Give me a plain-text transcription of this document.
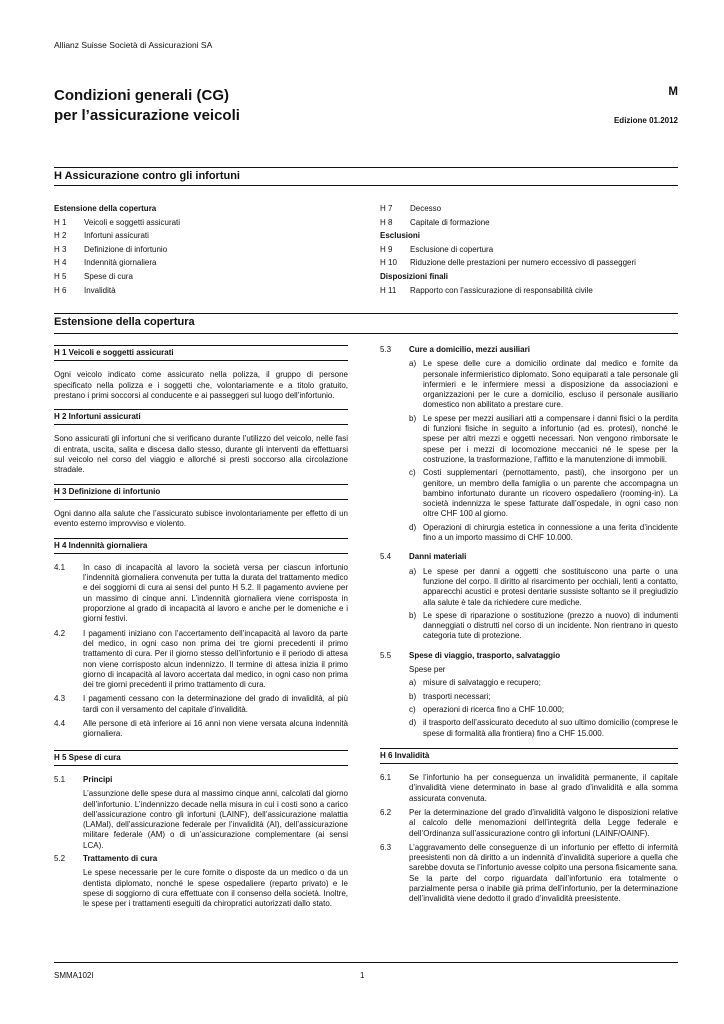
Allianz Suisse Società di Assicurazioni SA
Condizioni generali (CG)
per l’assicurazione veicoli
M
Edizione 01.2012
H Assicurazione contro gli infortuni
Estensione della copertura
H 1	Veicoli e soggetti assicurati
H 2	Infortuni assicurati
H 3	Definizione di infortunio
H 4	Indennità giornaliera
H 5	Spese di cura
H 6	Invalidità
H 7	Decesso
H 8	Capitale di formazione
Esclusioni
H 9	Esclusione di copertura
H 10	Riduzione delle prestazioni per numero eccessivo di passeggeri
Disposizioni finali
H 11	Rapporto con l’assicurazione di responsabilità civile
Estensione della copertura
H 1 Veicoli e soggetti assicurati
Ogni veicolo indicato come assicurato nella polizza, il gruppo di persone specificato nella polizza e i soggetti che, volontariamente e a titolo gratuito, prestano i primi soccorsi al conducente e ai passeggeri sul luogo dell’infortunio.
H 2 Infortuni assicurati
Sono assicurati gli infortuni che si verificano durante l’utilizzo del veicolo, nelle fasi di entrata, uscita, salita e discesa dallo stesso, durante gli interventi da effettuarsi sul veicolo nel corso del viaggio e allorché si presti soccorso alla circolazione stradale.
H 3 Definizione di infortunio
Ogni danno alla salute che l’assicurato subisce involontariamente per effetto di un evento esterno improvviso e violento.
H 4 Indennità giornaliera
4.1	In caso di incapacità al lavoro la società versa per ciascun infortunio l’indennità giornaliera convenuta per tutta la durata del trattamento medico e dei soggiorni di cura ai sensi del punto H 5.2. Il pagamento avviene per un massimo di cinque anni. L’indennità giornaliera viene corrisposta in proporzione al grado di incapacità al lavoro e anche per le domeniche e i giorni festivi.
4.2	I pagamenti iniziano con l’accertamento dell’incapacità al lavoro da parte del medico, in ogni caso non prima dei tre giorni precedenti il primo trattamento di cura. Per il giorno stesso dell’infortunio e il periodo di attesa non viene corrisposto alcun indennizzo. Il termine di attesa inizia il primo giorno di incapacità al lavoro accertata dal medico, in ogni caso non prima dei tre giorni precedenti il primo trattamento di cura.
4.3	I pagamenti cessano con la determinazione del grado di invalidità, al più tardi con il versamento del capitale d’invalidità.
4.4	Alle persone di età inferiore ai 16 anni non viene versata alcuna indennità giornaliera.
H 5 Spese di cura
5.1	Principi
L’assunzione delle spese dura al massimo cinque anni, calcolati dal giorno dell’infortunio. L’indennizzo decade nella misura in cui i costi sono a carico dell’assicurazione contro gli infortuni (LAINF), dell’assicurazione malattia (LAMal), dell’assicurazione federale per l’invalidità (AI), dell’assicurazione militare federale (AM) o di un’assicurazione complementare (ai sensi LCA).
5.2	Trattamento di cura
Le spese necessarie per le cure fornite o disposte da un medico o da un dentista diplomato, nonché le spese ospedaliere (reparto privato) e le spese di soggiorno di cura effettuate con il consenso della società. Inoltre, le spese per i trattamenti eseguiti da chiropratici autorizzati dallo stato.
5.3	Cure a domicilio, mezzi ausiliari
a) Le spese delle cure a domicilio ordinate dal medico e fornite da personale infermieristico diplomato. Sono equiparati a tale personale gli infermieri e le infermiere messi a disposizione da associazioni e organizzazioni per le cure a domicilio, escluso il personale ausiliario domestico non abilitato a prestare cure.
b) Le spese per mezzi ausiliari atti a compensare i danni fisici o la perdita di funzioni fisiche in seguito a infortunio (ad es. protesi), nonché le spese per altri mezzi e oggetti necessari. Non vengono rimborsate le spese per i mezzi di locomozione meccanici né le spese per la costruzione, la trasformazione, l’affitto e la manutenzione di immobili.
c) Costi supplementari (pernottamento, pasti), che insorgono per un genitore, un membro della famiglia o un parente che accompagna un bambino infortunato durante un ricovero ospedaliero (rooming-in). La società indennizza le spese fatturate dall’ospedale, in ogni caso non oltre CHF 100 al giorno.
d) Operazioni di chirurgia estetica in connessione a una ferita d’incidente fino a un importo massimo di CHF 10.000.
5.4	Danni materiali
a) Le spese per danni a oggetti che sostituiscono una parte o una funzione del corpo. Il diritto al risarcimento per occhiali, lenti a contatto, apparecchi acustici e protesi dentarie sussiste soltanto se il pregiudizio alla salute è tale da richiedere cure mediche.
b) Le spese di riparazione o sostituzione (prezzo a nuovo) di indumenti danneggiati o distrutti nel corso di un incidente. Non rientrano in questo categoria tute di protezione.
5.5	Spese di viaggio, trasporto, salvataggio
Spese per
a) misure di salvataggio e recupero;
b) trasporti necessari;
c) operazioni di ricerca fino a CHF 10.000;
d) il trasporto dell’assicurato deceduto al suo ultimo domicilio (comprese le spese di formalità alla frontiera) fino a CHF 15.000.
H 6 Invalidità
6.1	Se l’infortunio ha per conseguenza un invalidità permanente, il capitale d’invalidità viene determinato in base al grado d’invalidità e alla somma assicurata convenuta.
6.2	Per la determinazione del grado d’invalidità valgono le disposizioni relative al calcolo delle menomazioni dell’integrità della Legge federale e dell’Ordinanza sull’assicurazione contro gli infortuni (LAINF/OAINF).
6.3	L’aggravamento delle conseguenze di un infortunio per effetto di infermità preesistenti non dà diritto a un indennità d’invalidità superiore a quella che sarebbe dovuta se l’infortunio avesse colpito una persona fisicamente sana. Se la parte del corpo riguardata dall’infortunio era totalmente o parzialmente persa o inabile già prima dell’infortunio, per la determinazione dell’invalidità viene dedotto il grado d’invalidità preesistente.
SMMA102I	1
